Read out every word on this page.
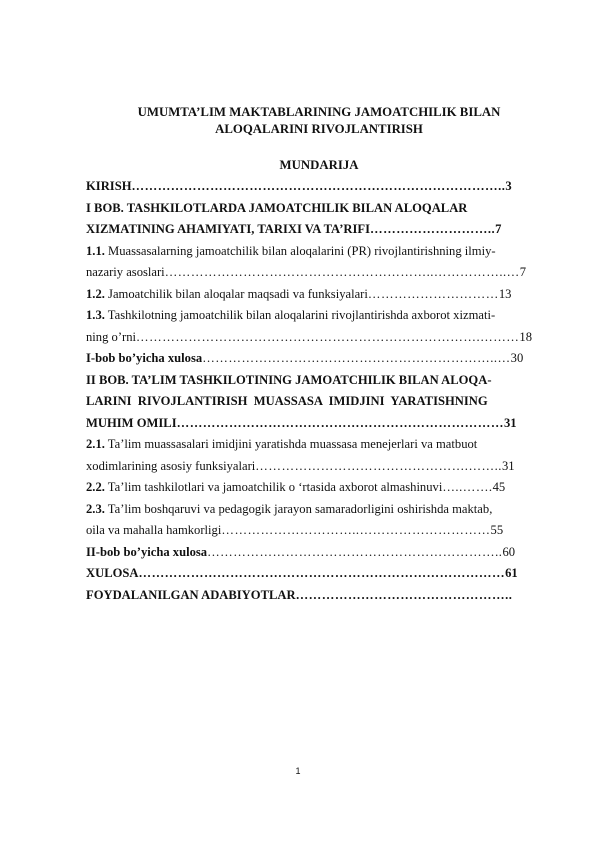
UMUMTA’LIM MAKTABLARINING JAMOATCHILIK BILAN
ALOQALARINI RIVOJLANTIRISH
MUNDARIJA
KIRISH…………………………………………………………………………..3
I BOB. TASHKILOTLARDA JAMOATCHILIK BILAN ALOQALAR
XIZMATINING AHAMIYATI, TARIXI VA TA’RIFI………………………..7
1.1. Muassasalarning jamoatchilik bilan aloqalarini (PR) rivojlantirishning ilmiy-
nazariy asoslari……………………………………………………..……………..…7
1.2. Jamoatchilik bilan aloqalar maqsadi va funksiyalari…………………………13
1.3. Tashkilotning jamoatchilik bilan aloqalarini rivojlantirishda axborot xizmati-
ning o’rni…………………………………………………………………….………18
I-bob bo’yicha xulosa…………………………………………………………..…30
II BOB. TA’LIM TASHKILOTINING JAMOATCHILIK BILAN ALOQA-
LARINI  RIVOJLANTIRISH  MUASSASA  IMIDJINI  YARATISHNING
MUHIM OMILI…………………………………………………………………31
2.1. Ta’lim muassasalari imidjini yaratishda muassasa menejerlari va matbuot
xodimlarining asosiy funksiyalari………………………………………….……..31
2.2. Ta’lim tashkilotlari va jamoatchilik o ‘rtasida axborot almashinuvi…..…….45
2.3. Ta’lim boshqaruvi va pedagogik jarayon samaradorligini oshirishda maktab,
oila va mahalla hamkorligi…………………………..…………………………55
II-bob bo’yicha xulosa…………………………………………………………..60
XULOSA…………………………………………………………………………61
FOYDALANILGAN ADABIYOTLAR…………………………………………..
1
